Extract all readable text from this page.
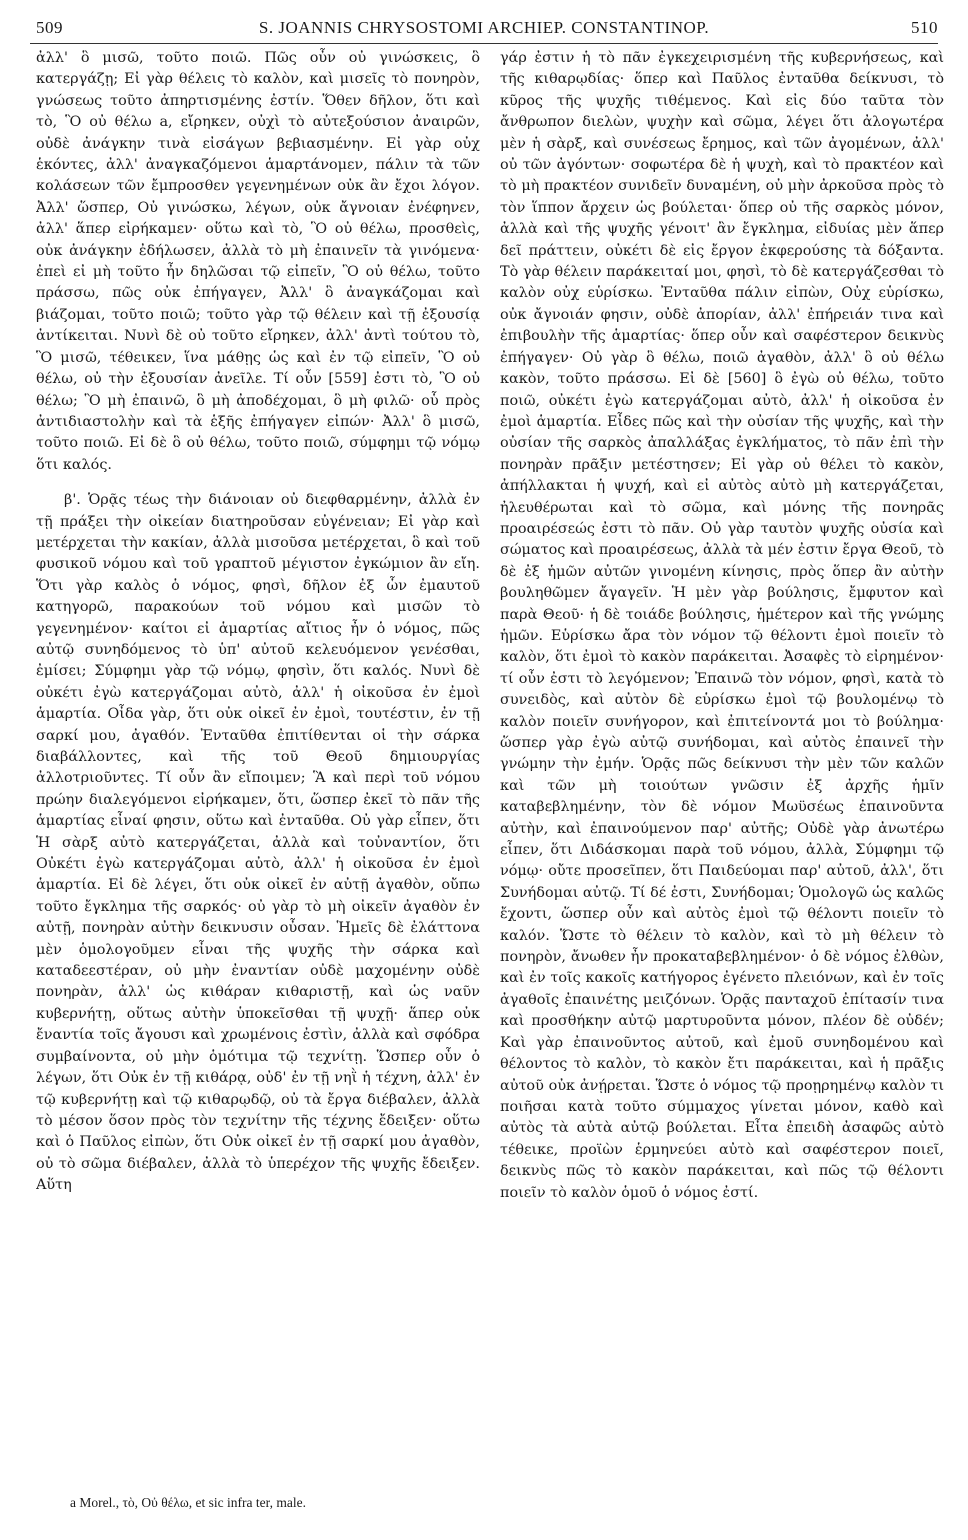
509	S. JOANNIS CHRYSOSTOMI ARCHIEP. CONSTANTINOP.	510

ἀλλ' ὃ μισῶ, τοῦτο ποιῶ. Πῶς οὖν οὐ γινώσκεις, ὃ κατεργάζῃ; Εἰ γὰρ θέλεις τὸ καλὸν, καὶ μισεῖς τὸ πονηρὸν, γνώσεως τοῦτο ἀπηρτισμένης ἐστίν. Ὅθεν δῆλον, ὅτι καὶ τὸ, Ὃ οὐ θέλω a, εἴρηκεν, οὐχὶ τὸ αὐτεξούσιον ἀναιρῶν, οὐδὲ ἀνάγκην τινὰ εἰσάγων βεβιασμένην. Εἰ γὰρ οὐχ ἑκόντες, ἀλλ' ἀναγκαζόμενοι ἁμαρτάνομεν, πάλιν τὰ τῶν κολάσεων τῶν ἔμπροσθεν γεγενημένων οὐκ ἂν ἔχοι λόγον. Ἀλλ' ὥσπερ, Οὐ γινώσκω, λέγων, οὐκ ἄγνοιαν ἐνέφηνεν, ἀλλ' ἅπερ εἰρήκαμεν· οὕτω καὶ τὸ, Ὃ οὐ θέλω, προσθεὶς, οὐκ ἀνάγκην ἐδήλωσεν, ἀλλὰ τὸ μὴ ἐπαινεῖν τὰ γινόμενα· ἐπεὶ εἰ μὴ τοῦτο ἦν δηλῶσαι τῷ εἰπεῖν, Ὃ οὐ θέλω, τοῦτο πράσσω, πῶς οὐκ ἐπήγαγεν, Ἀλλ' ὃ ἀναγκάζομαι καὶ βιάζομαι, τοῦτο ποιῶ; τοῦτο γὰρ τῷ θέλειν καὶ τῇ ἐξουσίᾳ ἀντίκειται. Νυνὶ δὲ οὐ τοῦτο εἴρηκεν, ἀλλ' ἀντὶ τούτου τὸ, Ὃ μισῶ, τέθεικεν, ἵνα μάθῃς ὡς καὶ ἐν τῷ εἰπεῖν, Ὃ οὐ θέλω, οὐ τὴν ἐξουσίαν ἀνεῖλε. Τί οὖν [559] ἐστι τὸ, Ὃ οὐ θέλω; Ὃ μὴ ἐπαινῶ, ὃ μὴ ἀποδέχομαι, ὃ μὴ φιλῶ· οὗ πρὸς ἀντιδιαστολὴν καὶ τὰ ἑξῆς ἐπήγαγεν εἰπών· Ἀλλ' ὃ μισῶ, τοῦτο ποιῶ. Εἰ δὲ ὃ οὐ θέλω, τοῦτο ποιῶ, σύμφημι τῷ νόμῳ ὅτι καλός.

β'. Ὁρᾷς τέως τὴν διάνοιαν οὐ διεφθαρμένην, ἀλλὰ ἐν τῇ πράξει τὴν οἰκείαν διατηροῦσαν εὐγένειαν; Εἰ γὰρ καὶ μετέρχεται τὴν κακίαν, ἀλλὰ μισοῦσα μετέρχεται, ὃ καὶ τοῦ φυσικοῦ νόμου καὶ τοῦ γραπτοῦ μέγιστον ἐγκώμιον ἂν εἴη. Ὅτι γὰρ καλὸς ὁ νόμος, φησὶ, δῆλον ἐξ ὧν ἐμαυτοῦ κατηγορῶ, παρακούων τοῦ νόμου καὶ μισῶν τὸ γεγενημένον· καίτοι εἰ ἁμαρτίας αἴτιος ἦν ὁ νόμος, πῶς αὐτῷ συνηδόμενος τὸ ὑπ' αὐτοῦ κελευόμενον γενέσθαι, ἐμίσει; Σύμφημι γὰρ τῷ νόμῳ, φησὶν, ὅτι καλός. Νυνὶ δὲ οὐκέτι ἐγὼ κατεργάζομαι αὐτὸ, ἀλλ' ἡ οἰκοῦσα ἐν ἐμοὶ ἁμαρτία. Οἶδα γὰρ, ὅτι οὐκ οἰκεῖ ἐν ἐμοὶ, τουτέστιν, ἐν τῇ σαρκί μου, ἀγαθόν. Ἐνταῦθα ἐπιτίθενται οἱ τὴν σάρκα διαβάλλοντες, καὶ τῆς τοῦ Θεοῦ δημιουργίας ἀλλοτριοῦντες. Τί οὖν ἂν εἴποιμεν; Ἃ καὶ περὶ τοῦ νόμου πρώην διαλεγόμενοι εἰρήκαμεν, ὅτι, ὥσπερ ἐκεῖ τὸ πᾶν τῆς ἁμαρτίας εἶναί φησιν, οὕτω καὶ ἐνταῦθα. Οὐ γὰρ εἶπεν, ὅτι Ἡ σὰρξ αὐτὸ κατεργάζεται, ἀλλὰ καὶ τοὐναντίον, ὅτι Οὐκέτι ἐγὼ κατεργάζομαι αὐτὸ, ἀλλ' ἡ οἰκοῦσα ἐν ἐμοὶ ἁμαρτία. Εἰ δὲ λέγει, ὅτι οὐκ οἰκεῖ ἐν αὐτῇ ἀγαθὸν, οὔπω τοῦτο ἔγκλημα τῆς σαρκός· οὐ γὰρ τὸ μὴ οἰκεῖν ἀγαθὸν ἐν αὐτῇ, πονηρὰν αὐτὴν δεικνυσιν οὖσαν. Ἡμεῖς δὲ ἐλάττονα μὲν ὁμολογοῦμεν εἶναι τῆς ψυχῆς τὴν σάρκα καὶ καταδεεστέραν, οὐ μὴν ἐναντίαν οὐδὲ μαχομένην οὐδὲ πονηρὰν, ἀλλ' ὡς κιθάραν κιθαριστῇ, καὶ ὡς ναῦν κυβερνήτῃ, οὕτως αὐτὴν ὑποκεῖσθαι τῇ ψυχῇ· ἅπερ οὐκ ἔναντία τοῖς ἄγουσι καὶ χρωμένοις ἐστὶν, ἀλλὰ καὶ σφόδρα συμβαίνοντα, οὐ μὴν ὁμότιμα τῷ τεχνίτῃ. Ὥσπερ οὖν ὁ λέγων, ὅτι Οὐκ ἐν τῇ κιθάρᾳ, οὐδ' ἐν τῇ νηῒ ἡ τέχνη, ἀλλ' ἐν τῷ κυβερνήτῃ καὶ τῷ κιθαρῳδῷ, οὐ τὰ ἔργα διέβαλεν, ἀλλὰ τὸ μέσον ὅσον πρὸς τὸν τεχνίτην τῆς τέχνης ἔδειξεν· οὕτω καὶ ὁ Παῦλος εἰπὼν, ὅτι Οὐκ οἰκεῖ ἐν τῇ σαρκί μου ἀγαθὸν, οὐ τὸ σῶμα διέβαλεν, ἀλλὰ τὸ ὑπερέχον τῆς ψυχῆς ἔδειξεν. Αὕτη

γάρ ἐστιν ἡ τὸ πᾶν ἐγκεχειρισμένη τῆς κυβερνήσεως, καὶ τῆς κιθαρῳδίας· ὅπερ καὶ Παῦλος ἐνταῦθα δείκνυσι, τὸ κῦρος τῆς ψυχῆς τιθέμενος. Καὶ εἰς δύο ταῦτα τὸν ἄνθρωπον διελὼν, ψυχὴν καὶ σῶμα, λέγει ὅτι ἀλογωτέρα μὲν ἡ σὰρξ, καὶ συνέσεως ἔρημος, καὶ τῶν ἀγομένων, ἀλλ' οὐ τῶν ἀγόντων· σοφωτέρα δὲ ἡ ψυχὴ, καὶ τὸ πρακτέον καὶ τὸ μὴ πρακτέον συνιδεῖν δυναμένη, οὐ μὴν ἀρκοῦσα πρὸς τὸ τὸν ἵππον ἄρχειν ὡς βούλεται· ὅπερ οὐ τῆς σαρκὸς μόνον, ἀλλὰ καὶ τῆς ψυχῆς γένοιτ' ἂν ἔγκλημα, εἰδυίας μὲν ἅπερ δεῖ πράττειν, οὐκέτι δὲ εἰς ἔργον ἐκφερούσης τὰ δόξαντα. Τὸ γὰρ θέλειν παράκειταί μοι, φησὶ, τὸ δὲ κατεργάζεσθαι τὸ καλὸν οὐχ εὑρίσκω. Ἐνταῦθα πάλιν εἰπὼν, Οὐχ εὑρίσκω, οὐκ ἄγνοιάν φησιν, οὐδὲ ἀπορίαν, ἀλλ' ἐπήρειάν τινα καὶ ἐπιβουλὴν τῆς ἁμαρτίας· ὅπερ οὖν καὶ σαφέστερον δεικνὺς ἐπήγαγεν· Οὐ γὰρ ὃ θέλω, ποιῶ ἀγαθὸν, ἀλλ' ὃ οὐ θέλω κακὸν, τοῦτο πράσσω. Εἰ δὲ [560] ὃ ἐγὼ οὐ θέλω, τοῦτο ποιῶ, οὐκέτι ἐγὼ κατεργάζομαι αὐτὸ, ἀλλ' ἡ οἰκοῦσα ἐν ἐμοὶ ἁμαρτία. Εἶδες πῶς καὶ τὴν οὐσίαν τῆς ψυχῆς, καὶ τὴν οὐσίαν τῆς σαρκὸς ἀπαλλάξας ἐγκλήματος, τὸ πᾶν ἐπὶ τὴν πονηρὰν πρᾶξιν μετέστησεν; Εἰ γὰρ οὐ θέλει τὸ κακὸν, ἀπήλλακται ἡ ψυχή, καὶ εἰ αὐτὸς αὐτὸ μὴ κατεργάζεται, ἠλευθέρωται καὶ τὸ σῶμα, καὶ μόνης τῆς πονηρᾶς προαιρέσεώς ἐστι τὸ πᾶν. Οὐ γὰρ ταυτὸν ψυχῆς οὐσία καὶ σώματος καὶ προαιρέσεως, ἀλλὰ τὰ μέν ἐστιν ἔργα Θεοῦ, τὸ δὲ ἐξ ἡμῶν αὐτῶν γινομένη κίνησις, πρὸς ὅπερ ἂν αὐτὴν βουληθῶμεν ἄγαγεῖν. Ἡ μὲν γὰρ βούλησις, ἔμφυτον καὶ παρὰ Θεοῦ· ἡ δὲ τοιάδε βούλησις, ἡμέτερον καὶ τῆς γνώμης ἡμῶν. Εὑρίσκω ἄρα τὸν νόμον τῷ θέλοντι ἐμοὶ ποιεῖν τὸ καλὸν, ὅτι ἐμοὶ τὸ κακὸν παράκειται. Ἀσαφὲς τὸ εἰρημένον· τί οὖν ἐστι τὸ λεγόμενον; Ἐπαινῶ τὸν νόμον, φησὶ, κατὰ τὸ συνειδὸς, καὶ αὐτὸν δὲ εὑρίσκω ἐμοὶ τῷ βουλομένῳ τὸ καλὸν ποιεῖν συνήγορον, καὶ ἐπιτείνοντά μοι τὸ βούλημα· ὥσπερ γὰρ ἐγὼ αὐτῷ συνήδομαι, καὶ αὐτὸς ἐπαινεῖ τὴν γνώμην τὴν ἐμήν. Ὁρᾷς πῶς δείκνυσι τὴν μὲν τῶν καλῶν καὶ τῶν μὴ τοιούτων γνῶσιν ἐξ ἀρχῆς ἡμῖν καταβεβλημένην, τὸν δὲ νόμον Μωϋσέως ἐπαινοῦντα αὐτὴν, καὶ ἐπαινούμενον παρ' αὐτῆς; Οὐδὲ γὰρ ἀνωτέρω εἶπεν, ὅτι Διδάσκομαι παρὰ τοῦ νόμου, ἀλλὰ, Σύμφημι τῷ νόμῳ· οὔτε προσεῖπεν, ὅτι Παιδεύομαι παρ' αὐτοῦ, ἀλλ', ὅτι Συνήδομαι αὐτῷ. Τί δέ ἐστι, Συνήδομαι; Ὁμολογῶ ὡς καλῶς ἔχοντι, ὥσπερ οὖν καὶ αὐτὸς ἐμοὶ τῷ θέλοντι ποιεῖν τὸ καλόν. Ὥστε τὸ θέλειν τὸ καλὸν, καὶ τὸ μὴ θέλειν τὸ πονηρὸν, ἄνωθεν ἦν προκαταβεβλημένον· ὁ δὲ νόμος ἐλθὼν, καὶ ἐν τοῖς κακοῖς κατήγορος ἐγένετο πλειόνων, καὶ ἐν τοῖς ἀγαθοῖς ἐπαινέτης μειζόνων. Ὁρᾷς πανταχοῦ ἐπίτασίν τινα καὶ προσθήκην αὐτῷ μαρτυροῦντα μόνον, πλέον δὲ οὐδέν; Καὶ γὰρ ἐπαινοῦντος αὐτοῦ, καὶ ἐμοῦ συνηδομένου καὶ θέλοντος τὸ καλὸν, τὸ κακὸν ἔτι παράκειται, καὶ ἡ πρᾶξις αὐτοῦ οὐκ ἀνῄρεται. Ὥστε ὁ νόμος τῷ προῃρημένῳ καλὸν τι ποιῆσαι κατὰ τοῦτο σύμμαχος γίνεται μόνον, καθὸ καὶ αὐτὸς τὰ αὐτὰ αὐτῷ βούλεται. Εἶτα ἐπειδὴ ἀσαφῶς αὐτὸ τέθεικε, προϊὼν ἑρμηνεύει αὐτὸ καὶ σαφέστερον ποιεῖ, δεικνὺς πῶς τὸ κακὸν παράκειται, καὶ πῶς τῷ θέλοντι ποιεῖν τὸ καλὸν ὁμοῦ ὁ νόμος ἐστί.

a Morel., τὸ, Οὐ θέλω, et sic infra ter, male.
